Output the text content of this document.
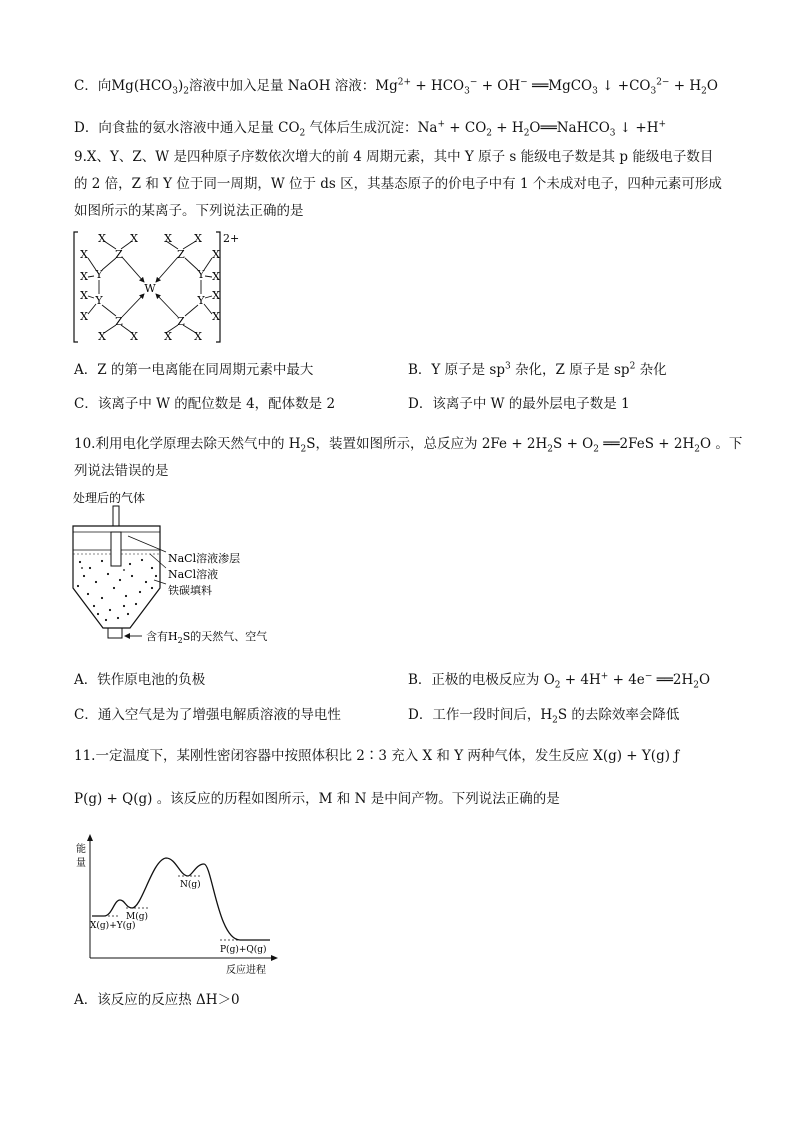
C．向$Mg(HCO_3)_2$溶液中加入足量 NaOH 溶液：$Mg^{2+} + HCO_3^- + OH^-$ ══MgCO$_3$ ↓ $+CO_3^{2-} + H_2O$
D．向食盐的氨水溶液中通入足量 $CO_2$ 气体后生成沉淀：$Na^+ + CO_2$ + $H_2O══NaHCO_3$ ↓ +H+
9.X、Y、Z、W 是四种原子序数依次增大的前 4 周期元素，其中 Y 原子 s 能级电子数是其 p 能级电子数目
的 2 倍，Z 和 Y 位于同一周期，W 位于 ds 区，其基态原子的价电子中有 1 个未成对电子，四种元素可形成
如图所示的某离子。下列说法正确的是
2+
X X X X
Z	Z
X	X
Y	Y
X	X
W
X	X
Y	Y
X	X
Z	Z
X X X X
A．Z 的第一电离能在同周期元素中最大	B．Y 原子是 $sp^3$ 杂化，Z 原子是 $sp^2$ 杂化
C．该离子中 W 的配位数是 4，配体数是 2	D．该离子中 W 的最外层电子数是 1
10.利用电化学原理去除天然气中的 $H_2S$，装置如图所示，总反应为 $2Fe + 2H_2S + O_2$ ══2FeS + $2H_2O$ 。下
列说法错误的是
处理后的气体
NaCl溶液渗层
NaCl溶液
铁碳填料
含有$H_2S$的天然气、空气
A．铁作原电池的负极	B．正极的电极反应为 $O_2 + 4H^+ + 4e^-$ $══2H_2O$
C．通入空气是为了增强电解质溶液的导电性	D．工作一段时间后，$H_2S$ 的去除效率会降低
11.一定温度下，某刚性密闭容器中按照体积比 2∶3 充入 X 和 Y 两种气体，发生反应 X(g) + Y(g) ƒ
P(g) + Q(g) 。该反应的历程如图所示，M 和 N 是中间产物。下列说法正确的是
能
量
M(g)
N(g)
X(g)+Y(g)
P(g)+Q(g)
反应进程
A．该反应的反应热 ΔH＞0
